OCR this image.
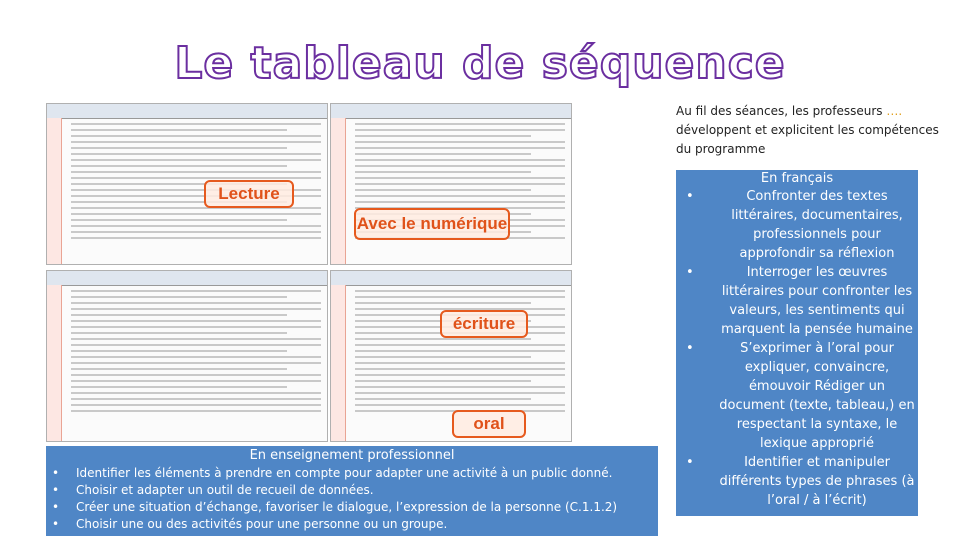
Le tableau de séquence
Lecture
Avec le numérique
écriture
oral
En enseignement professionnel
• Identifier les éléments à prendre en compte pour adapter une activité à un public donné.
• Choisir et adapter un outil de recueil de données.
• Créer une situation d’échange, favoriser le dialogue, l’expression de la personne (C.1.1.2)
• Choisir une ou des activités pour une personne ou un groupe.
Au fil des séances, les professeurs …. développent et explicitent les compétences du programme
En français
•	Confronter des textes littéraires, documentaires, professionnels pour approfondir sa réflexion
•	Interroger les œuvres littéraires pour confronter les valeurs, les sentiments qui marquent la pensée humaine
•	S’exprimer à l’oral pour expliquer, convaincre, émouvoir Rédiger un document (texte, tableau,) en respectant la syntaxe, le lexique approprié
•	Identifier et manipuler différents types de phrases (à l’oral / à l’écrit)
